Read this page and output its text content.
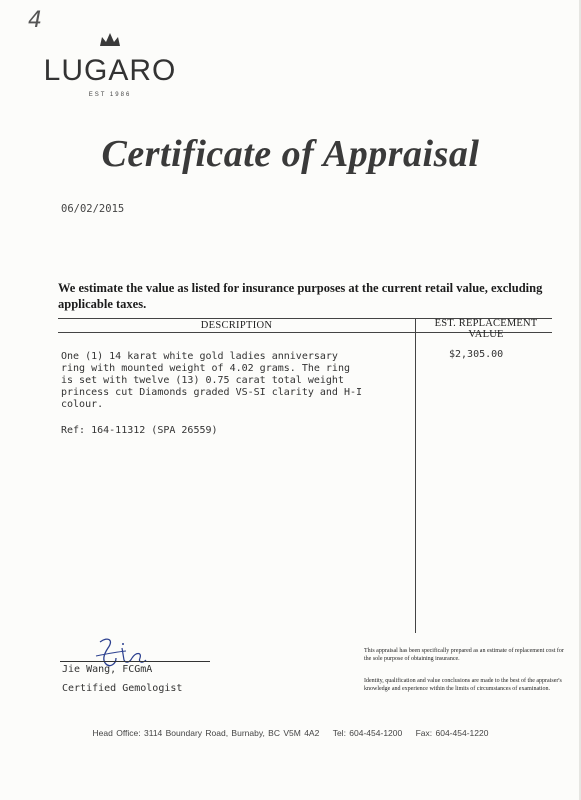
4
LUGARO
EST 1986
Certificate of Appraisal
06/02/2015
We estimate the value as listed for insurance purposes at the current retail value, excluding applicable taxes.
DESCRIPTION	EST. REPLACEMENT VALUE
One (1) 14 karat white gold ladies anniversary
ring with mounted weight of 4.02 grams. The ring
is set with twelve (13) 0.75 carat total weight
princess cut Diamonds graded VS-SI clarity and H-I
colour.
Ref: 164-11312 (SPA 26559)
$2,305.00
Jie Wang, FCGmA
Certified Gemologist
This appraisal has been specifically prepared as an estimate of replacement cost for the sole purpose of obtaining insurance.
Identity, qualification and value conclusions are made to the best of the appraiser's knowledge and experience within the limits of circumstances of examination.
Head Office: 3114 Boundary Road, Burnaby, BC V5M 4A2 Tel: 604-454-1200 Fax: 604-454-1220
